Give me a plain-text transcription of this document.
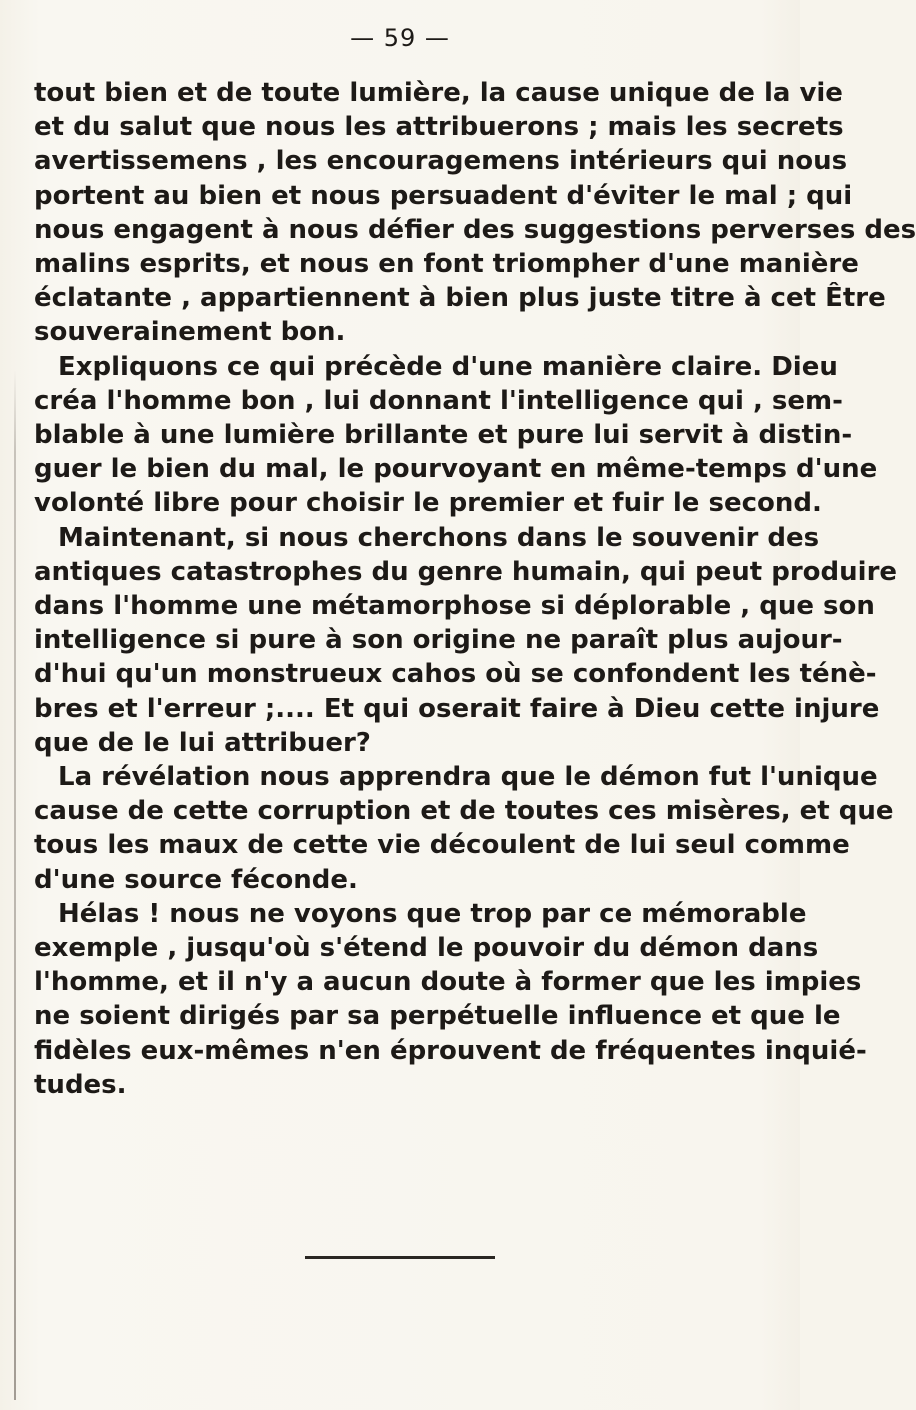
— 59 —
tout bien et de toute lumière, la cause unique de la vie
et du salut que nous les attribuerons ; mais les secrets
avertissemens , les encouragemens intérieurs qui nous
portent au bien et nous persuadent d'éviter le mal ; qui
nous engagent à nous défier des suggestions perverses des
malins esprits, et nous en font triompher d'une manière
éclatante , appartiennent à bien plus juste titre à cet Être
souverainement bon.
Expliquons ce qui précède d'une manière claire. Dieu
créa l'homme bon , lui donnant l'intelligence qui , sem-
blable à une lumière brillante et pure lui servit à distin-
guer le bien du mal, le pourvoyant en même-temps d'une
volonté libre pour choisir le premier et fuir le second.
Maintenant, si nous cherchons dans le souvenir des
antiques catastrophes du genre humain, qui peut produire
dans l'homme une métamorphose si déplorable , que son
intelligence si pure à son origine ne paraît plus aujour-
d'hui qu'un monstrueux cahos où se confondent les ténè-
bres et l'erreur ;.... Et qui oserait faire à Dieu cette injure
que de le lui attribuer?
La révélation nous apprendra que le démon fut l'unique
cause de cette corruption et de toutes ces misères, et que
tous les maux de cette vie découlent de lui seul comme
d'une source féconde.
Hélas ! nous ne voyons que trop par ce mémorable
exemple , jusqu'où s'étend le pouvoir du démon dans
l'homme, et il n'y a aucun doute à former que les impies
ne soient dirigés par sa perpétuelle influence et que le
fidèles eux-mêmes n'en éprouvent de fréquentes inquié-
tudes.
